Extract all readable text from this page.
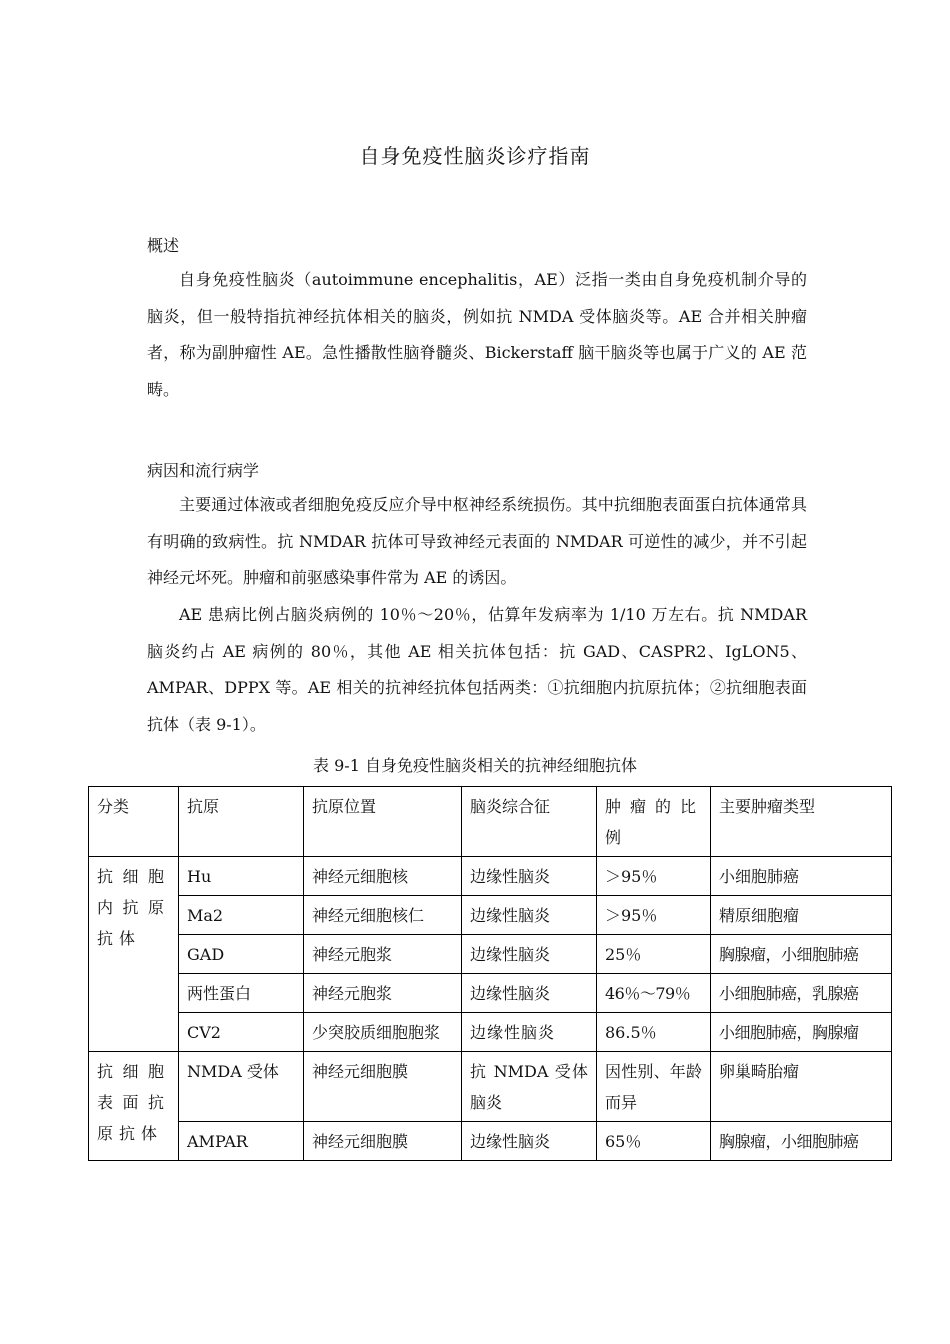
自身免疫性脑炎诊疗指南
概述

自身免疫性脑炎（autoimmune encephalitis，AE）泛指一类由自身免疫机制介导的脑炎，但一般特指抗神经抗体相关的脑炎，例如抗 NMDA 受体脑炎等。AE 合并相关肿瘤者，称为副肿瘤性 AE。急性播散性脑脊髓炎、Bickerstaff 脑干脑炎等也属于广义的 AE 范畴。

病因和流行病学

主要通过体液或者细胞免疫反应介导中枢神经系统损伤。其中抗细胞表面蛋白抗体通常具有明确的致病性。抗 NMDAR 抗体可导致神经元表面的 NMDAR 可逆性的减少，并不引起神经元坏死。肿瘤和前驱感染事件常为 AE 的诱因。

AE 患病比例占脑炎病例的 10％～20％，估算年发病率为 1/10 万左右。抗 NMDAR 脑炎约占 AE 病例的 80％，其他 AE 相关抗体包括：抗 GAD、CASPR2、IgLON5、AMPAR、DPPX 等。AE 相关的抗神经抗体包括两类：①抗细胞内抗原抗体；②抗细胞表面抗体（表 9-1）。

表 9-1 自身免疫性脑炎相关的抗神经细胞抗体
分类	抗原	抗原位置	脑炎综合征	肿瘤的比例	主要肿瘤类型
抗细胞内抗原抗体	Hu	神经元细胞核	边缘性脑炎	＞95％	小细胞肺癌
	Ma2	神经元细胞核仁	边缘性脑炎	＞95％	精原细胞瘤
	GAD	神经元胞浆	边缘性脑炎	25％	胸腺瘤，小细胞肺癌
	两性蛋白	神经元胞浆	边缘性脑炎	46％～79％	小细胞肺癌，乳腺癌
	CV2	少突胶质细胞胞浆	边缘性脑炎	86.5％	小细胞肺癌，胸腺瘤
抗细胞表面抗原抗体	NMDA 受体	神经元细胞膜	抗 NMDA 受体脑炎	因性别、年龄而异	卵巢畸胎瘤
	AMPAR	神经元细胞膜	边缘性脑炎	65％	胸腺瘤，小细胞肺癌
